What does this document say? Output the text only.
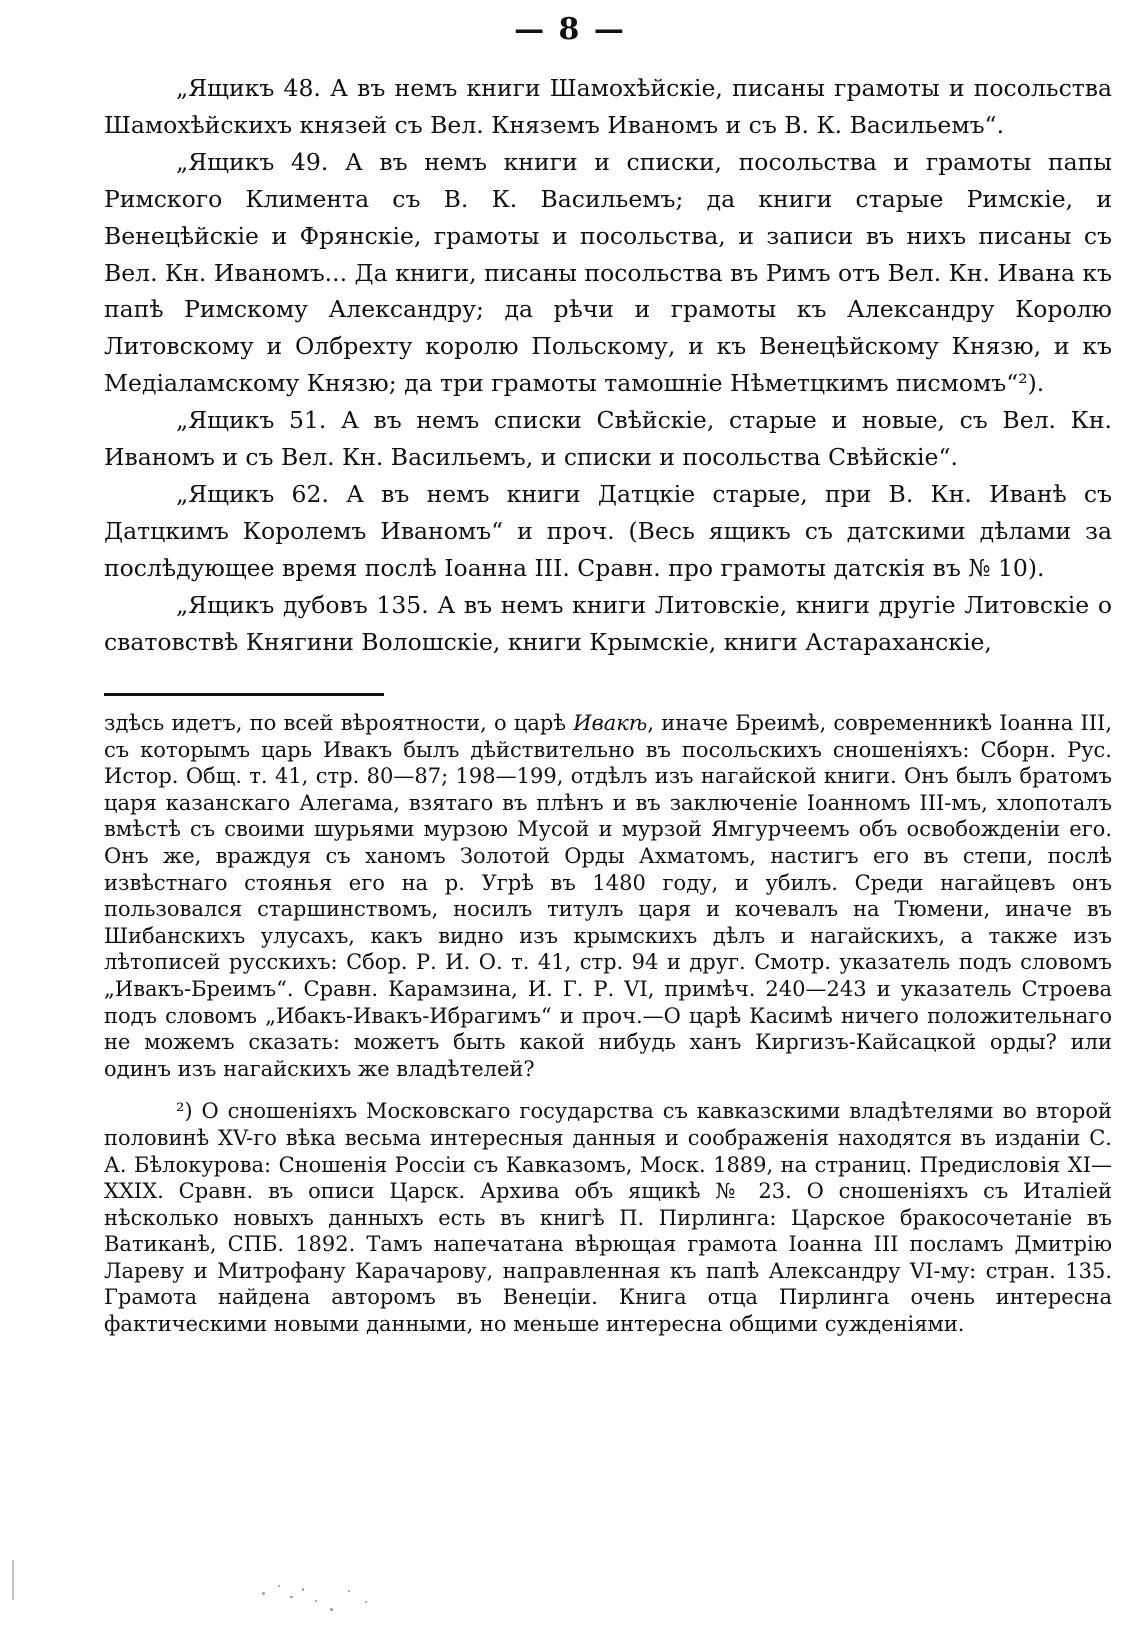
— 8 —

„Ящикъ 48. А въ немъ книги Шамохѣйскіе, писаны грамоты и посольства Шамохѣйскихъ князей съ Вел. Княземъ Иваномъ и съ В. К. Васильемъ“.

„Ящикъ 49. А въ немъ книги и списки, посольства и грамоты папы Римского Климента съ В. К. Васильемъ; да книги старые Римскіе, и Венецѣйскіе и Фрянскіе, грамоты и посольства, и записи въ нихъ писаны съ Вел. Кн. Иваномъ... Да книги, писаны посольства въ Римъ отъ Вел. Кн. Ивана къ папѣ Римскому Александру; да рѣчи и грамоты къ Александру Королю Литовскому и Олбрехту королю Польскому, и къ Венецѣйскому Князю, и къ Медіаламскому Князю; да три грамоты тамошніе Нѣметцкимъ писмомъ“²).

„Ящикъ 51. А въ немъ списки Свѣйскіе, старые и новые, съ Вел. Кн. Иваномъ и съ Вел. Кн. Васильемъ, и списки и посольства Свѣйскіе“.

„Ящикъ 62. А въ немъ книги Датцкіе старые, при В. Кн. Иванѣ съ Датцкимъ Королемъ Иваномъ“ и проч. (Весь ящикъ съ датскими дѣлами за послѣдующее время послѣ Іоанна III. Сравн. про грамоты датскія въ № 10).

„Ящикъ дубовъ 135. А въ немъ книги Литовскіе, книги другіе Литовскіе о сватовствѣ Княгини Волошскіе, книги Крымскіе, книги Астараханскіе,

здѣсь идетъ, по всей вѣроятности, о царѣ Ивакѣ, иначе Бреимѣ, современникѣ Іоанна III, съ которымъ царь Ивакъ былъ дѣйствительно въ посольскихъ сношеніяхъ: Сборн. Рус. Истор. Общ. т. 41, стр. 80—87; 198—199, отдѣлъ изъ нагайской книги. Онъ былъ братомъ царя казанскаго Алегама, взятаго въ плѣнъ и въ заключеніе Іоанномъ III-мъ, хлопоталъ вмѣстѣ съ своими шурьями мурзою Мусой и мурзой Ямгурчеемъ объ освобожденіи его. Онъ же, враждуя съ ханомъ Золотой Орды Ахматомъ, настигъ его въ степи, послѣ извѣстнаго стоянья его на р. Угрѣ въ 1480 году, и убилъ. Среди нагайцевъ онъ пользовался старшинствомъ, носилъ титулъ царя и кочевалъ на Тюмени, иначе въ Шибанскихъ улусахъ, какъ видно изъ крымскихъ дѣлъ и нагайскихъ, а также изъ лѣтописей русскихъ: Сбор. Р. И. О. т. 41, стр. 94 и друг. Смотр. указатель подъ словомъ „Ивакъ-Бреимъ“. Сравн. Карамзина, И. Г. Р. VI, примѣч. 240—243 и указатель Строева подъ словомъ „Ибакъ-Ивакъ-Ибрагимъ“ и проч.—О царѣ Касимѣ ничего положительнаго не можемъ сказать: можетъ быть какой нибудь ханъ Киргизъ-Кайсацкой орды? или одинъ изъ нагайскихъ же владѣтелей?

²) О сношеніяхъ Московскаго государства съ кавказскими владѣтелями во второй половинѣ XV-го вѣка весьма интересныя данныя и соображенія находятся въ изданіи С. А. Бѣлокурова: Сношенія Россіи съ Кавказомъ, Моск. 1889, на страниц. Предисловія XI—XXIX. Сравн. въ описи Царск. Архива объ ящикѣ № 23. О сношеніяхъ съ Италіей нѣсколько новыхъ данныхъ есть въ книгѣ П. Пирлинга: Царское бракосочетаніе въ Ватиканѣ, СПБ. 1892. Тамъ напечатана вѣрющая грамота Іоанна III посламъ Дмитрію Лареву и Митрофану Карачарову, направленная къ папѣ Александру VI-му: стран. 135. Грамота найдена авторомъ въ Венеціи. Книга отца Пирлинга очень интересна фактическими новыми данными, но меньше интересна общими сужденіями.
